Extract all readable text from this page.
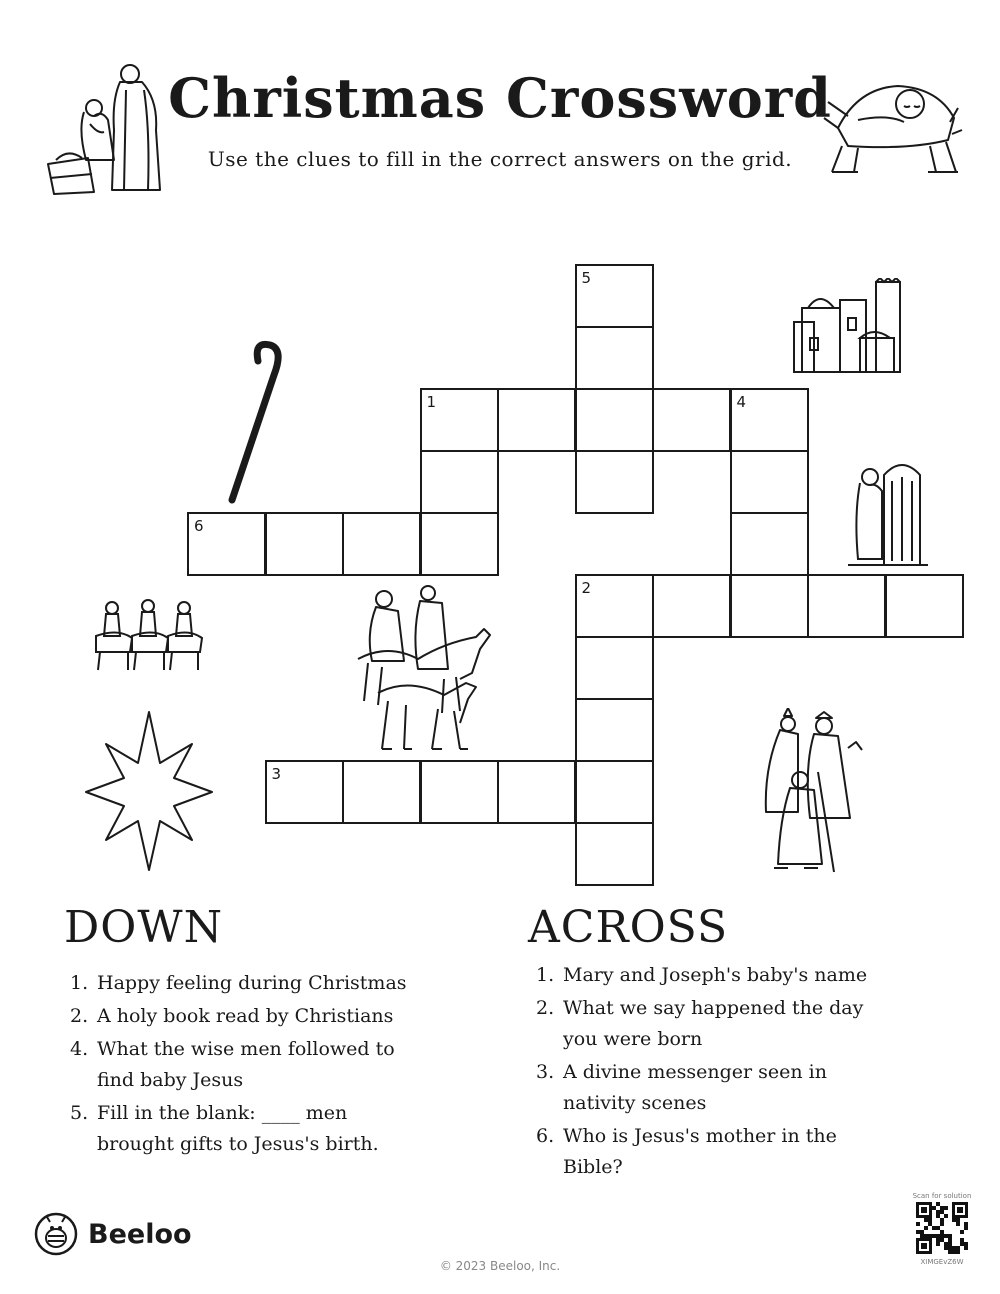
Christmas Crossword
Use the clues to fill in the correct answers on the grid.
5
1	4
6
2
3
DOWN
1. Happy feeling during Christmas
2. A holy book read by Christians
4. What the wise men followed to find baby Jesus
5. Fill in the blank: ____ men brought gifts to Jesus's birth.
ACROSS
1. Mary and Joseph's baby's name
2. What we say happened the day you were born
3. A divine messenger seen in nativity scenes
6. Who is Jesus's mother in the Bible?
Beeloo
Scan for solution
XIMGEvZ6W
© 2023 Beeloo, Inc.
